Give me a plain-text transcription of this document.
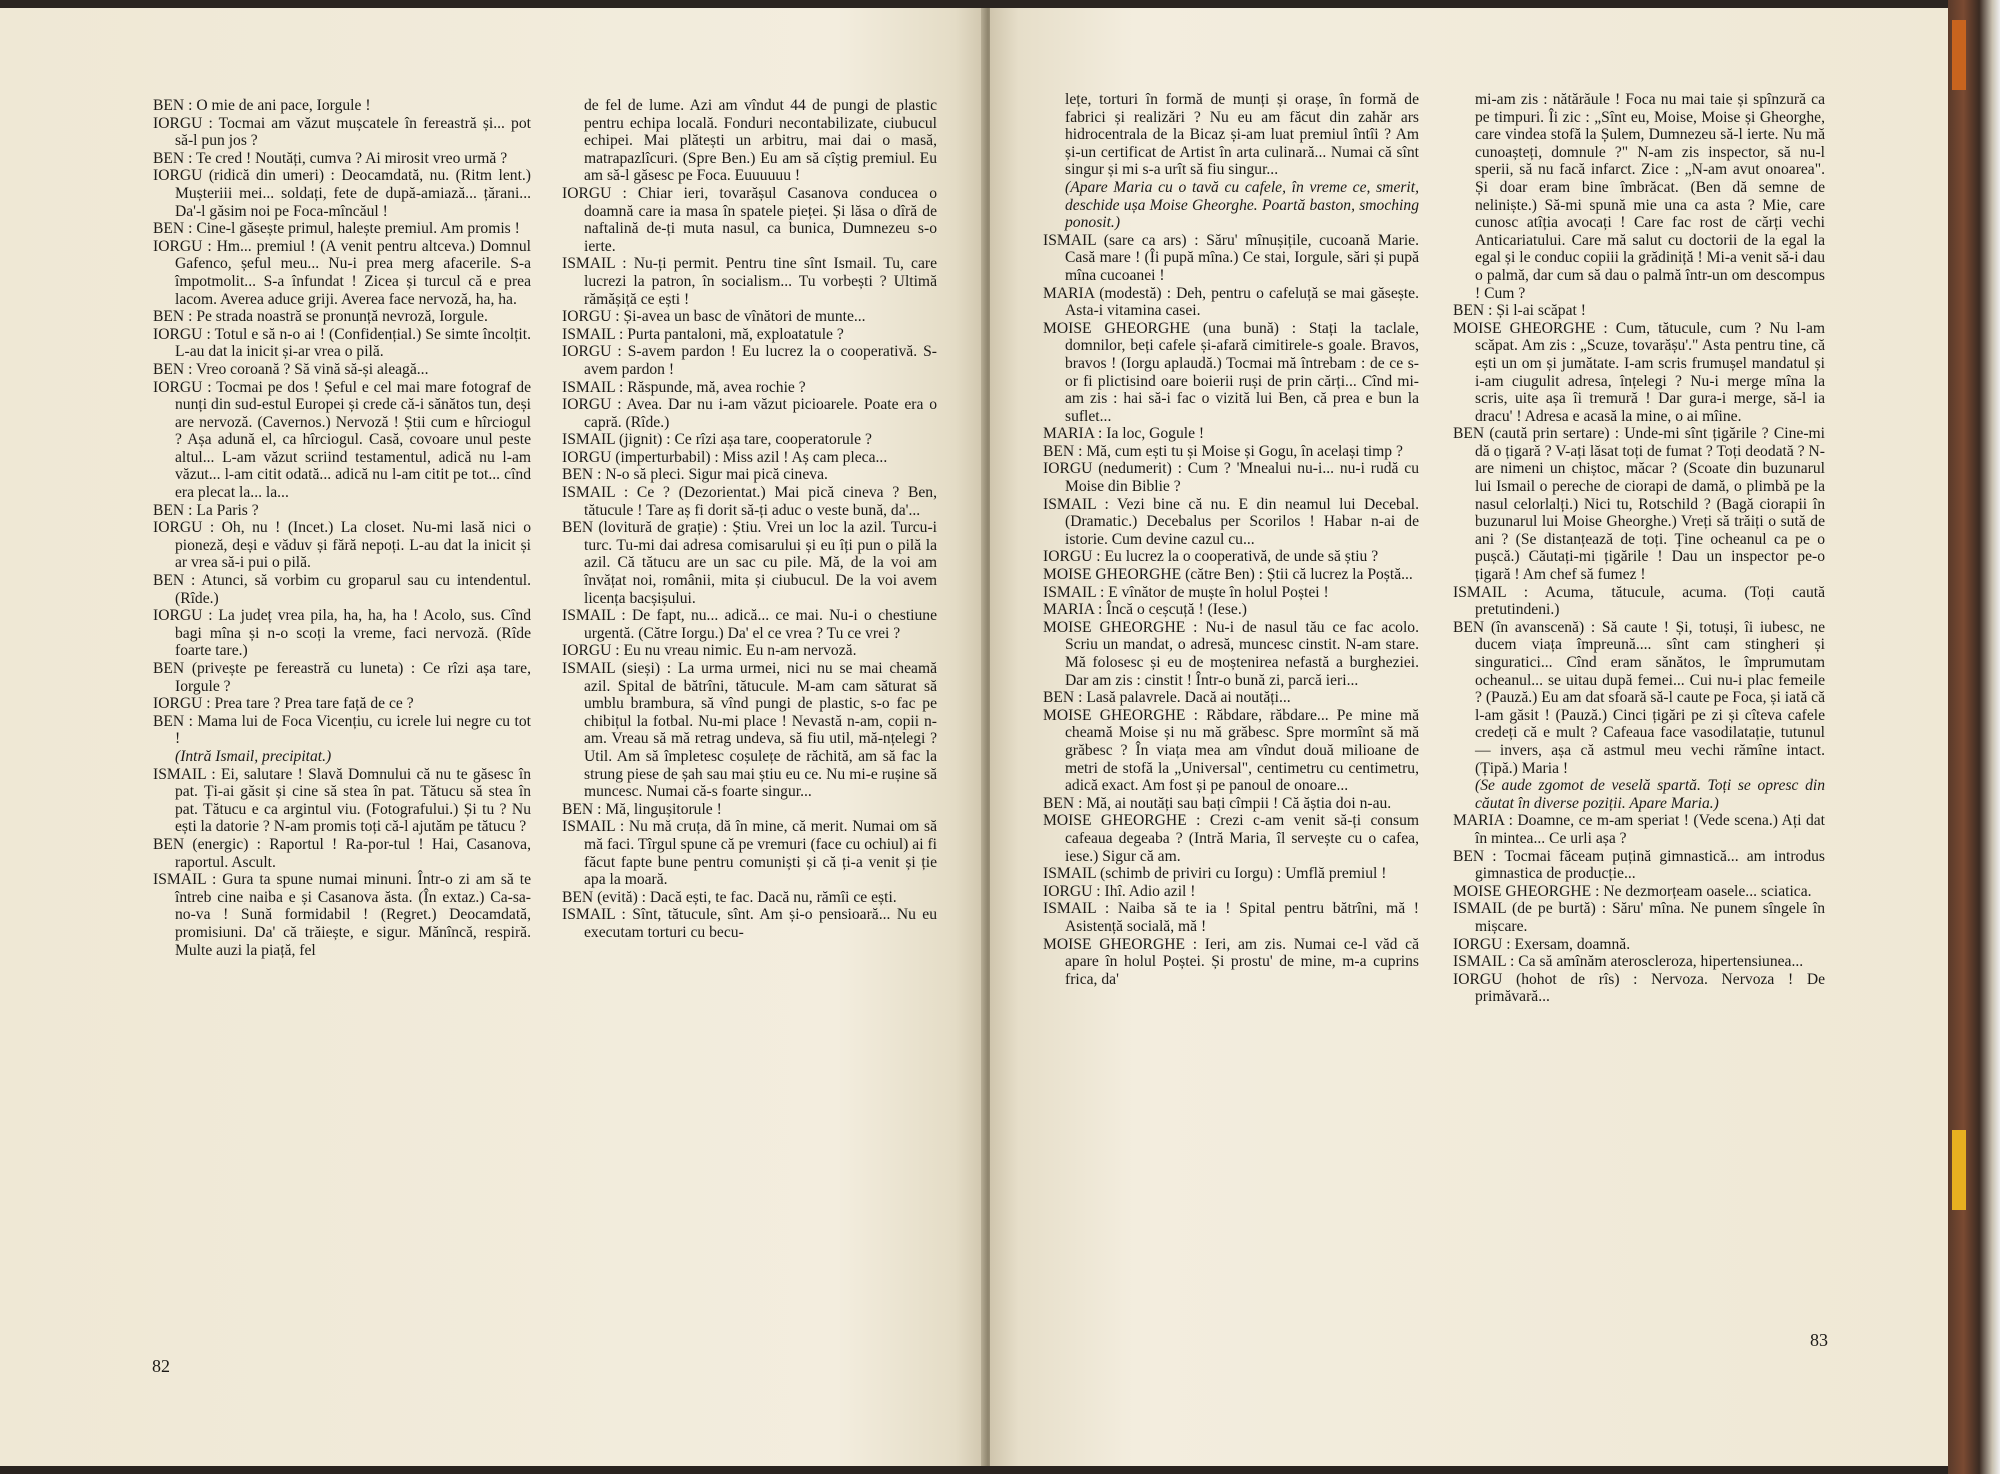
BEN : O mie de ani pace, Iorgule !

IORGU : Tocmai am văzut mușcatele în fereastră și... pot să-l pun jos ?

BEN : Te cred ! Noutăți, cumva ? Ai mirosit vreo urmă ?

IORGU (ridică din umeri) : Deocamdată, nu. (Ritm lent.) Mușteriii mei... soldați, fete de după-amiază... țărani... Da'-l găsim noi pe Foca-mîncăul !

BEN : Cine-l găsește primul, halește premiul. Am promis !

IORGU : Hm... premiul ! (A venit pentru altceva.) Domnul Gafenco, șeful meu... Nu-i prea merg afacerile. S-a împotmolit... S-a înfundat ! Zicea și turcul că e prea lacom. Averea aduce griji. Averea face nervoză, ha, ha.

BEN : Pe strada noastră se pronunță nevroză, Iorgule.

IORGU : Totul e să n-o ai ! (Confidențial.) Se simte încolțit. L-au dat la inicit și-ar vrea o pilă.

BEN : Vreo coroană ? Să vină să-și aleagă...

IORGU : Tocmai pe dos ! Șeful e cel mai mare fotograf de nunți din sud-estul Europei și crede că-i sănătos tun, deși are nervoză. (Cavernos.) Nervoză ! Știi cum e hîrciogul ? Așa adună el, ca hîrciogul. Casă, covoare unul peste altul... L-am văzut scriind testamentul, adică nu l-am văzut... l-am citit odată... adică nu l-am citit pe tot... cînd era plecat la... la...

BEN : La Paris ?

IORGU : Oh, nu ! (Incet.) La closet. Nu-mi lasă nici o pioneză, deși e văduv și fără nepoți. L-au dat la inicit și ar vrea să-i pui o pilă.

BEN : Atunci, să vorbim cu groparul sau cu intendentul. (Rîde.)

IORGU : La județ vrea pila, ha, ha, ha ! Acolo, sus. Cînd bagi mîna și n-o scoți la vreme, faci nervoză. (Rîde foarte tare.)

BEN (privește pe fereastră cu luneta) : Ce rîzi așa tare, Iorgule ?

IORGU : Prea tare ? Prea tare față de ce ?

BEN : Mama lui de Foca Vicențiu, cu icrele lui negre cu tot !

(Intră Ismail, precipitat.)

ISMAIL : Ei, salutare ! Slavă Domnului că nu te găsesc în pat. Ți-ai găsit și cine să stea în pat. Tătucu să stea în pat. Tătucu e ca argintul viu. (Fotografului.) Și tu ? Nu ești la datorie ? N-am promis toți că-l ajutăm pe tătucu ?

BEN (energic) : Raportul ! Ra-por-tul ! Hai, Casanova, raportul. Ascult.

ISMAIL : Gura ta spune numai minuni. Într-o zi am să te întreb cine naiba e și Casanova ăsta. (În extaz.) Ca-sa-no-va ! Sună formidabil ! (Regret.) Deocamdată, promisiuni. Da' că trăiește, e sigur. Mănîncă, respiră. Multe auzi la piață, fel

de fel de lume. Azi am vîndut 44 de pungi de plastic pentru echipa locală. Fonduri necontabilizate, ciubucul echipei. Mai plătești un arbitru, mai dai o masă, matrapazlîcuri. (Spre Ben.) Eu am să cîștig premiul. Eu am să-l găsesc pe Foca. Euuuuuu !

IORGU : Chiar ieri, tovarășul Casanova conducea o doamnă care ia masa în spatele pieței. Și lăsa o dîră de naftalină de-ți muta nasul, ca bunica, Dumnezeu s-o ierte.

ISMAIL : Nu-ți permit. Pentru tine sînt Ismail. Tu, care lucrezi la patron, în socialism... Tu vorbești ? Ultimă rămășiță ce ești !

IORGU : Și-avea un basc de vînători de munte...

ISMAIL : Purta pantaloni, mă, exploatatule ?

IORGU : S-avem pardon ! Eu lucrez la o cooperativă. S-avem pardon !

ISMAIL : Răspunde, mă, avea rochie ?

IORGU : Avea. Dar nu i-am văzut picioarele. Poate era o capră. (Rîde.)

ISMAIL (jignit) : Ce rîzi așa tare, cooperatorule ?

IORGU (imperturbabil) : Miss azil ! Aș cam pleca...

BEN : N-o să pleci. Sigur mai pică cineva.

ISMAIL : Ce ? (Dezorientat.) Mai pică cineva ? Ben, tătucule ! Tare aș fi dorit să-ți aduc o veste bună, da'...

BEN (lovitură de grație) : Știu. Vrei un loc la azil. Turcu-i turc. Tu-mi dai adresa comisarului și eu îți pun o pilă la azil. Că tătucu are un sac cu pile. Mă, de la voi am învățat noi, românii, mita și ciubucul. De la voi avem licența bacșișului.

ISMAIL : De fapt, nu... adică... ce mai. Nu-i o chestiune urgentă. (Către Iorgu.) Da' el ce vrea ? Tu ce vrei ?

IORGU : Eu nu vreau nimic. Eu n-am nervoză.

ISMAIL (sieși) : La urma urmei, nici nu se mai cheamă azil. Spital de bătrîni, tătucule. M-am cam săturat să umblu brambura, să vînd pungi de plastic, s-o fac pe chibițul la fotbal. Nu-mi place ! Nevastă n-am, copii n-am. Vreau să mă retrag undeva, să fiu util, mă-nțelegi ? Util. Am să împletesc coșulețe de răchită, am să fac la strung piese de șah sau mai știu eu ce. Nu mi-e rușine să muncesc. Numai că-s foarte singur...

BEN : Mă, lingușitorule !

ISMAIL : Nu mă cruța, dă în mine, că merit. Numai om să mă faci. Tîrgul spune că pe vremuri (face cu ochiul) ai fi făcut fapte bune pentru comuniști și că ți-a venit și ție apa la moară.

BEN (evită) : Dacă ești, te fac. Dacă nu, rămîi ce ești.

ISMAIL : Sînt, tătucule, sînt. Am și-o pensioară... Nu eu executam torturi cu becu-

lețe, torturi în formă de munți și orașe, în formă de fabrici și realizări ? Nu eu am făcut din zahăr ars hidrocentrala de la Bicaz și-am luat premiul întîi ? Am și-un certificat de Artist în arta culinară... Numai că sînt singur și mi s-a urît să fiu singur...

(Apare Maria cu o tavă cu cafele, în vreme ce, smerit, deschide ușa Moise Gheorghe. Poartă baston, smoching ponosit.)

ISMAIL (sare ca ars) : Săru' mînușițile, cucoană Marie. Casă mare ! (Îi pupă mîna.) Ce stai, Iorgule, sări și pupă mîna cucoanei !

MARIA (modestă) : Deh, pentru o cafeluță se mai găsește. Asta-i vitamina casei.

MOISE GHEORGHE (una bună) : Stați la taclale, domnilor, beți cafele și-afară cimitirele-s goale. Bravos, bravos ! (Iorgu aplaudă.) Tocmai mă întrebam : de ce s-or fi plictisind oare boierii ruși de prin cărți... Cînd mi-am zis : hai să-i fac o vizită lui Ben, că prea e bun la suflet...

MARIA : Ia loc, Gogule !

BEN : Mă, cum ești tu și Moise și Gogu, în același timp ?

IORGU (nedumerit) : Cum ? 'Mnealui nu-i... nu-i rudă cu Moise din Biblie ?

ISMAIL : Vezi bine că nu. E din neamul lui Decebal. (Dramatic.) Decebalus per Scorilos ! Habar n-ai de istorie. Cum devine cazul cu...

IORGU : Eu lucrez la o cooperativă, de unde să știu ?

MOISE GHEORGHE (către Ben) : Știi că lucrez la Poștă...

ISMAIL : E vînător de muște în holul Poștei !

MARIA : Încă o ceșcuță ! (Iese.)

MOISE GHEORGHE : Nu-i de nasul tău ce fac acolo. Scriu un mandat, o adresă, muncesc cinstit. N-am stare. Mă folosesc și eu de moștenirea nefastă a burgheziei. Dar am zis : cinstit ! Într-o bună zi, parcă ieri...

BEN : Lasă palavrele. Dacă ai noutăți...

MOISE GHEORGHE : Răbdare, răbdare... Pe mine mă cheamă Moise și nu mă grăbesc. Spre mormînt să mă grăbesc ? În viața mea am vîndut două milioane de metri de stofă la „Universal", centimetru cu centimetru, adică exact. Am fost și pe panoul de onoare...

BEN : Mă, ai noutăți sau bați cîmpii ! Că ăștia doi n-au.

MOISE GHEORGHE : Crezi c-am venit să-ți consum cafeaua degeaba ? (Intră Maria, îl servește cu o cafea, iese.) Sigur că am.

ISMAIL (schimb de priviri cu Iorgu) : Umflă premiul !

IORGU : Ihî. Adio azil !

ISMAIL : Naiba să te ia ! Spital pentru bătrîni, mă ! Asistență socială, mă !

MOISE GHEORGHE : Ieri, am zis. Numai ce-l văd că apare în holul Poștei. Și prostu' de mine, m-a cuprins frica, da'

mi-am zis : nătărăule ! Foca nu mai taie și spînzură ca pe timpuri. Îi zic : „Sînt eu, Moise, Moise și Gheorghe, care vindea stofă la Șulem, Dumnezeu să-l ierte. Nu mă cunoașteți, domnule ?" N-am zis inspector, să nu-l sperii, să nu facă infarct. Zice : „N-am avut onoarea". Și doar eram bine îmbrăcat. (Ben dă semne de neliniște.) Să-mi spună mie una ca asta ? Mie, care cunosc atîția avocați ! Care fac rost de cărți vechi Anticariatului. Care mă salut cu doctorii de la egal la egal și le conduc copiii la grădiniță ! Mi-a venit să-i dau o palmă, dar cum să dau o palmă într-un om descompus ! Cum ?

BEN : Și l-ai scăpat !

MOISE GHEORGHE : Cum, tătucule, cum ? Nu l-am scăpat. Am zis : „Scuze, tovarășu'." Asta pentru tine, că ești un om și jumătate. I-am scris frumușel mandatul și i-am ciugulit adresa, înțelegi ? Nu-i merge mîna la scris, uite așa îi tremură ! Dar gura-i merge, să-l ia dracu' ! Adresa e acasă la mine, o ai mîine.

BEN (caută prin sertare) : Unde-mi sînt țigările ? Cine-mi dă o țigară ? V-ați lăsat toți de fumat ? Toți deodată ? N-are nimeni un chiștoc, măcar ? (Scoate din buzunarul lui Ismail o pereche de ciorapi de damă, o plimbă pe la nasul celorlalți.) Nici tu, Rotschild ? (Bagă ciorapii în buzunarul lui Moise Gheorghe.) Vreți să trăiți o sută de ani ? (Se distanțează de toți. Ține ocheanul ca pe o pușcă.) Căutați-mi țigările ! Dau un inspector pe-o țigară ! Am chef să fumez !

ISMAIL : Acuma, tătucule, acuma. (Toți caută pretutindeni.)

BEN (în avanscenă) : Să caute ! Și, totuși, îi iubesc, ne ducem viața împreună.... sînt cam stingheri și singuratici... Cînd eram sănătos, le împrumutam ocheanul... se uitau după femei... Cui nu-i plac femeile ? (Pauză.) Eu am dat sfoară să-l caute pe Foca, și iată că l-am găsit ! (Pauză.) Cinci țigări pe zi și cîteva cafele credeți că e mult ? Cafeaua face vasodilatație, tutunul — invers, așa că astmul meu vechi rămîne intact. (Țipă.) Maria !

(Se aude zgomot de veselă spartă. Toți se opresc din căutat în diverse poziții. Apare Maria.)

MARIA : Doamne, ce m-am speriat ! (Vede scena.) Ați dat în mintea... Ce urli așa ?

BEN : Tocmai făceam puțină gimnastică... am introdus gimnastica de producție...

MOISE GHEORGHE : Ne dezmorțeam oasele... sciatica.

ISMAIL (de pe burtă) : Săru' mîna. Ne punem sîngele în mișcare.

IORGU : Exersam, doamnă.

ISMAIL : Ca să amînăm ateroscleroza, hipertensiunea...

IORGU (hohot de rîs) : Nervoza. Nervoza ! De primăvară...

82
83
